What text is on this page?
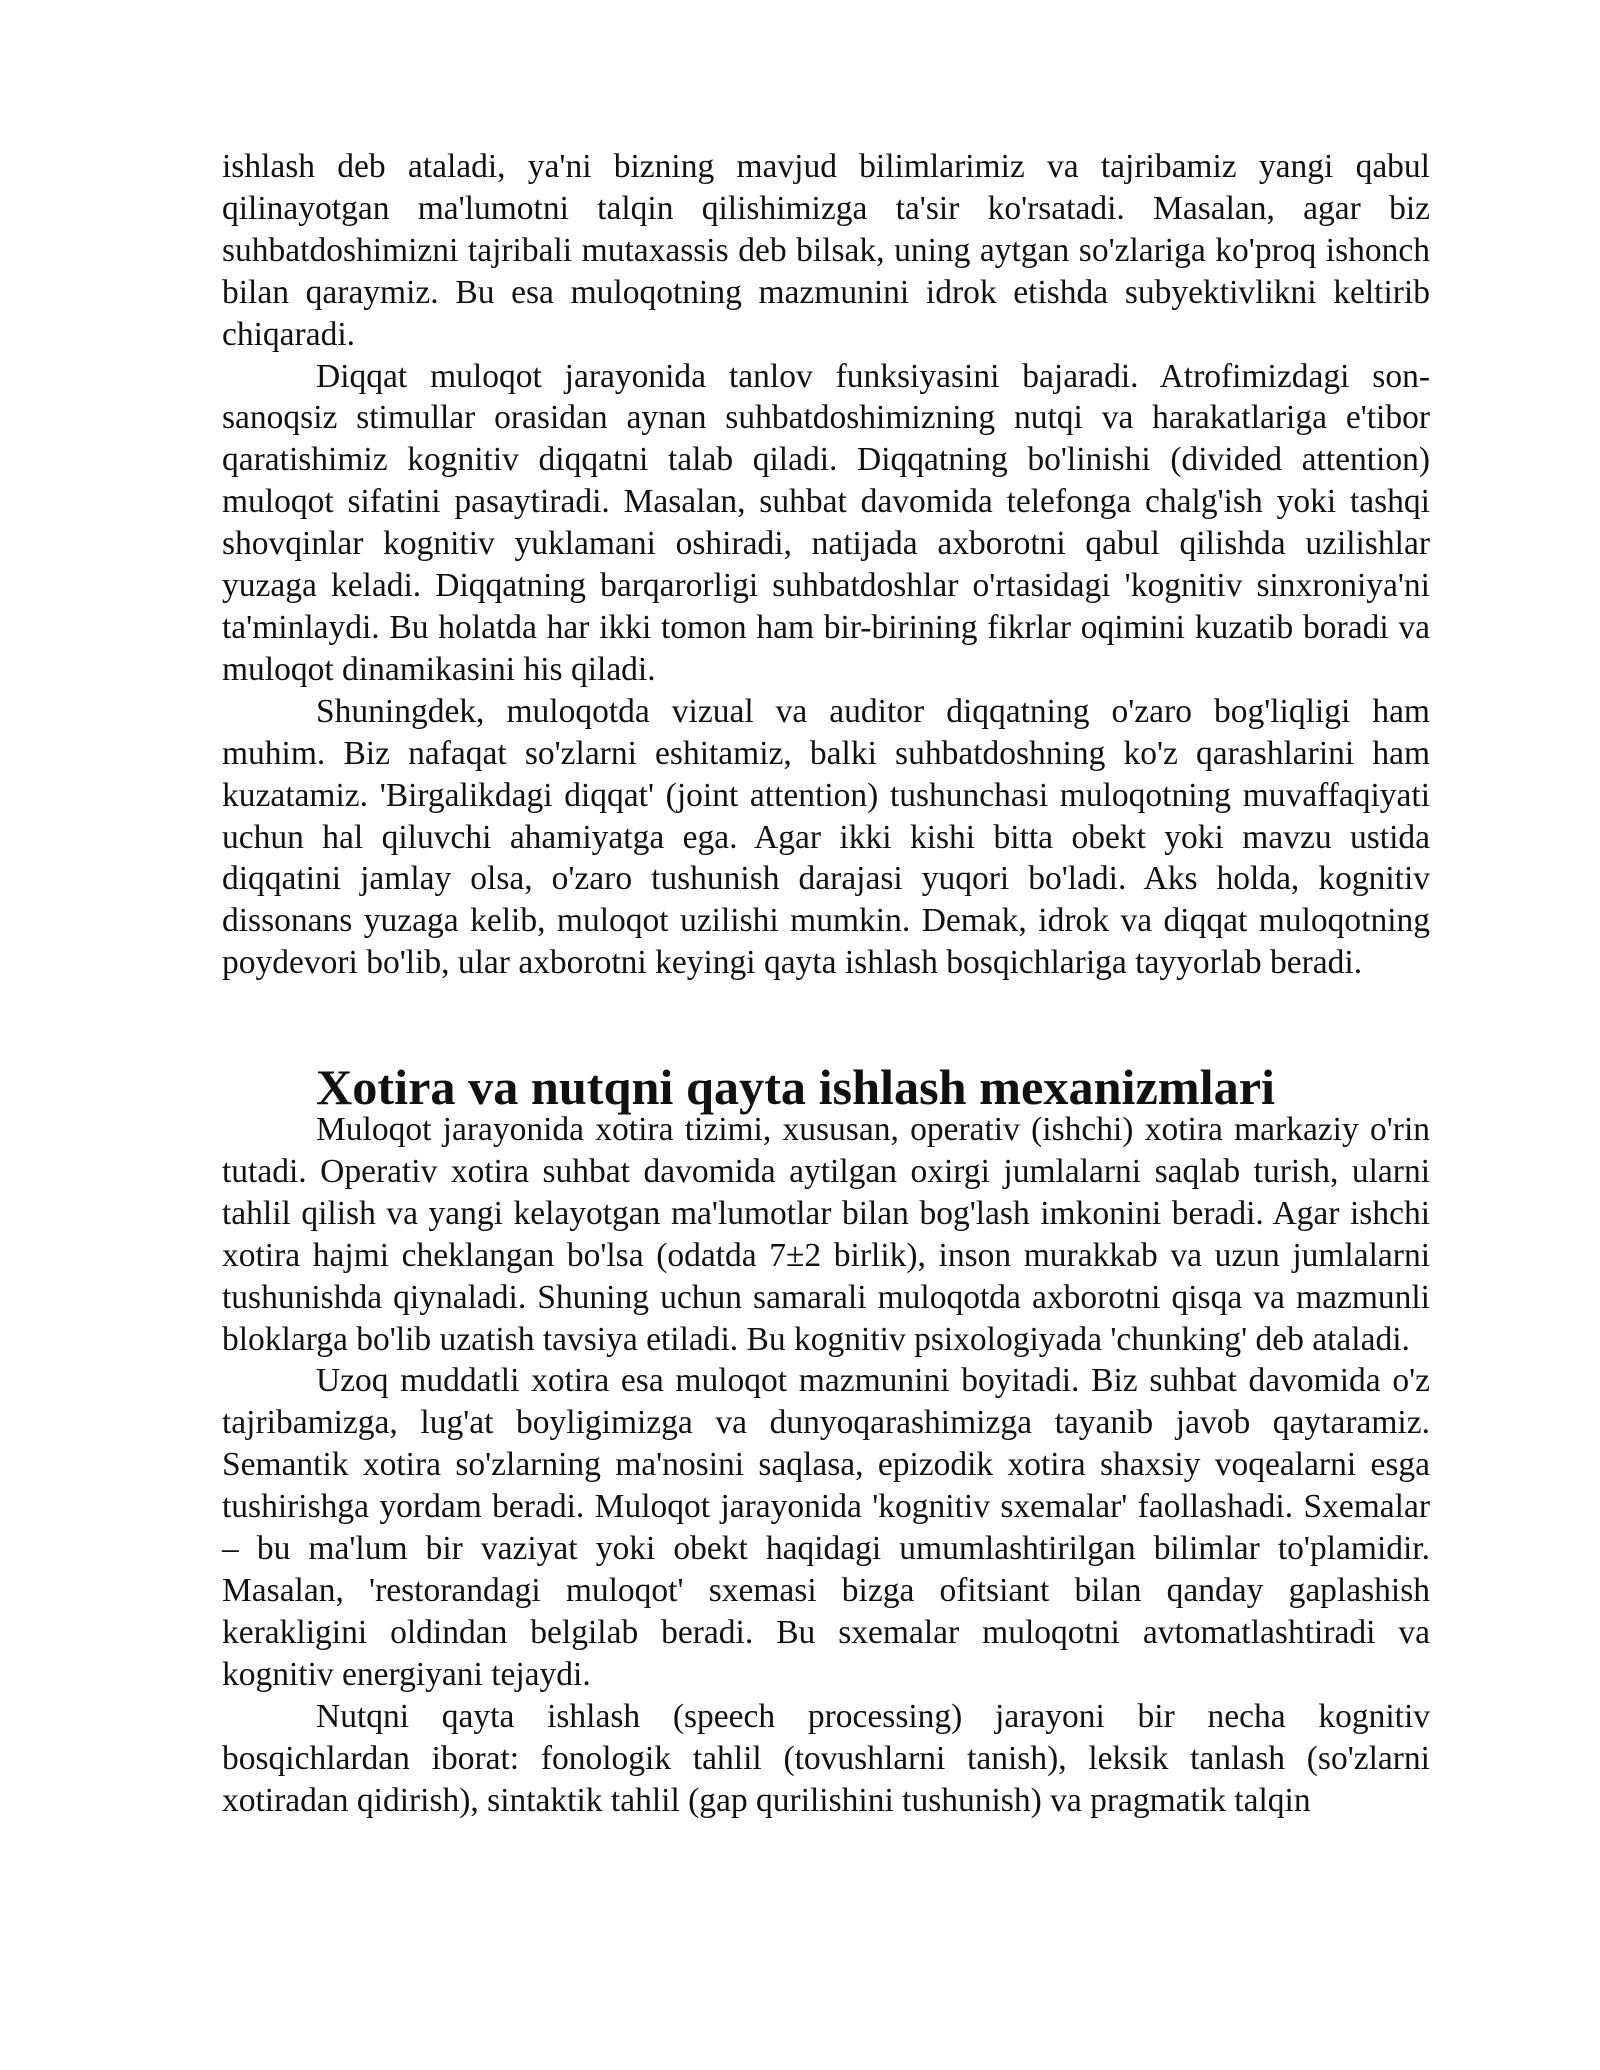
ishlash deb ataladi, ya'ni bizning mavjud bilimlarimiz va tajribamiz yangi qabul qilinayotgan ma'lumotni talqin qilishimizga ta'sir ko'rsatadi. Masalan, agar biz suhbatdoshimizni tajribali mutaxassis deb bilsak, uning aytgan so'zlariga ko'proq ishonch bilan qaraymiz. Bu esa muloqotning mazmunini idrok etishda subyektivlikni keltirib chiqaradi.

Diqqat muloqot jarayonida tanlov funksiyasini bajaradi. Atrofimizdagi son-sanoqsiz stimullar orasidan aynan suhbatdoshimizning nutqi va harakatlariga e'tibor qaratishimiz kognitiv diqqatni talab qiladi. Diqqatning bo'linishi (divided attention) muloqot sifatini pasaytiradi. Masalan, suhbat davomida telefonga chalg'ish yoki tashqi shovqinlar kognitiv yuklamani oshiradi, natijada axborotni qabul qilishda uzilishlar yuzaga keladi. Diqqatning barqarorligi suhbatdoshlar o'rtasidagi 'kognitiv sinxroniya'ni ta'minlaydi. Bu holatda har ikki tomon ham bir-birining fikrlar oqimini kuzatib boradi va muloqot dinamikasini his qiladi.

Shuningdek, muloqotda vizual va auditor diqqatning o'zaro bog'liqligi ham muhim. Biz nafaqat so'zlarni eshitamiz, balki suhbatdoshning ko'z qarashlarini ham kuzatamiz. 'Birgalikdagi diqqat' (joint attention) tushunchasi muloqotning muvaffaqiyati uchun hal qiluvchi ahamiyatga ega. Agar ikki kishi bitta obekt yoki mavzu ustida diqqatini jamlay olsa, o'zaro tushunish darajasi yuqori bo'ladi. Aks holda, kognitiv dissonans yuzaga kelib, muloqot uzilishi mumkin. Demak, idrok va diqqat muloqotning poydevori bo'lib, ular axborotni keyingi qayta ishlash bosqichlariga tayyorlab beradi.

Xotira va nutqni qayta ishlash mexanizmlari

Muloqot jarayonida xotira tizimi, xususan, operativ (ishchi) xotira markaziy o'rin tutadi. Operativ xotira suhbat davomida aytilgan oxirgi jumlalarni saqlab turish, ularni tahlil qilish va yangi kelayotgan ma'lumotlar bilan bog'lash imkonini beradi. Agar ishchi xotira hajmi cheklangan bo'lsa (odatda 7±2 birlik), inson murakkab va uzun jumlalarni tushunishda qiynaladi. Shuning uchun samarali muloqotda axborotni qisqa va mazmunli bloklarga bo'lib uzatish tavsiya etiladi. Bu kognitiv psixologiyada 'chunking' deb ataladi.

Uzoq muddatli xotira esa muloqot mazmunini boyitadi. Biz suhbat davomida o'z tajribamizga, lug'at boyligimizga va dunyoqarashimizga tayanib javob qaytaramiz. Semantik xotira so'zlarning ma'nosini saqlasa, epizodik xotira shaxsiy voqealarni esga tushirishga yordam beradi. Muloqot jarayonida 'kognitiv sxemalar' faollashadi. Sxemalar – bu ma'lum bir vaziyat yoki obekt haqidagi umumlashtirilgan bilimlar to'plamidir. Masalan, 'restorandagi muloqot' sxemasi bizga ofitsiant bilan qanday gaplashish kerakligini oldindan belgilab beradi. Bu sxemalar muloqotni avtomatlashtiradi va kognitiv energiyani tejaydi.

Nutqni qayta ishlash (speech processing) jarayoni bir necha kognitiv bosqichlardan iborat: fonologik tahlil (tovushlarni tanish), leksik tanlash (so'zlarni xotiradan qidirish), sintaktik tahlil (gap qurilishini tushunish) va pragmatik talqin
